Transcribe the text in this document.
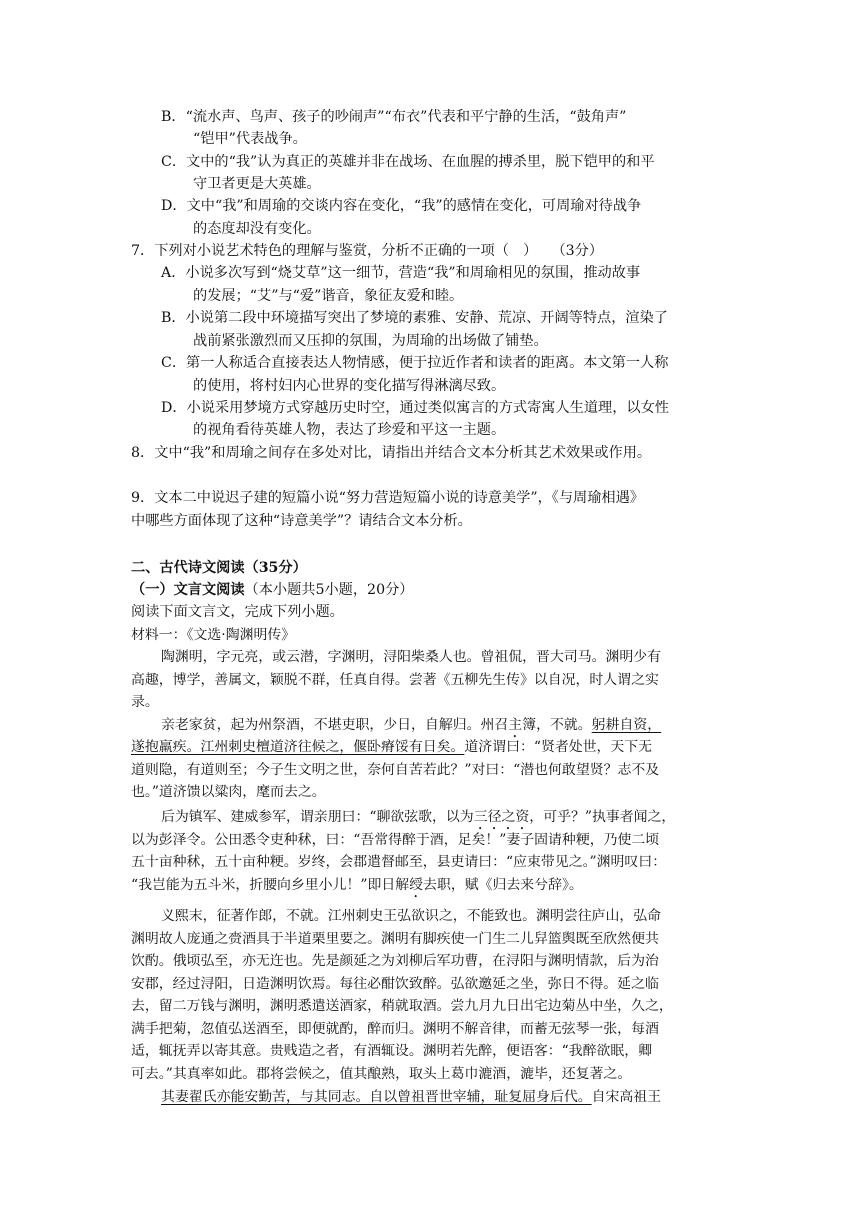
B．“流水声、鸟声、孩子的吵闹声”“布衣”代表和平宁静的生活，“鼓角声”
“铠甲”代表战争。
C．文中的“我”认为真正的英雄并非在战场、在血腥的搏杀里，脱下铠甲的和平
守卫者更是大英雄。
D．文中“我”和周瑜的交谈内容在变化，“我”的感情在变化，可周瑜对待战争
的态度却没有变化。
7．下列对小说艺术特色的理解与鉴赏，分析不正确的一项（　）　　（3分）
A．小说多次写到“烧艾草”这一细节，营造“我”和周瑜相见的氛围，推动故事
的发展；“艾”与“爱”谐音，象征友爱和睦。
B．小说第二段中环境描写突出了梦境的素雅、安静、荒凉、开阔等特点，渲染了
战前紧张激烈而又压抑的氛围，为周瑜的出场做了铺垫。
C．第一人称适合直接表达人物情感，便于拉近作者和读者的距离。本文第一人称
的使用，将村妇内心世界的变化描写得淋漓尽致。
D．小说采用梦境方式穿越历史时空，通过类似寓言的方式寄寓人生道理，以女性
的视角看待英雄人物，表达了珍爱和平这一主题。
8．文中“我”和周瑜之间存在多处对比，请指出并结合文本分析其艺术效果或作用。
9．文本二中说迟子建的短篇小说“努力营造短篇小说的诗意美学”，《与周瑜相遇》
中哪些方面体现了这种“诗意美学”？请结合文本分析。
二、古代诗文阅读（35分）
（一）文言文阅读（本小题共5小题，20分）
阅读下面文言文，完成下列小题。
材料一：《文选·陶渊明传》
陶渊明，字元亮，或云潜，字渊明，浔阳柴桑人也。曾祖侃，晋大司马。渊明少有
高趣，博学，善属文，颖脱不群，任真自得。尝著《五柳先生传》以自况，时人谓之实
录。
亲老家贫，起为州祭酒，不堪吏职，少日，自解归。州召主簿，不就。躬耕自资，
遂抱羸疾。江州刺史檀道济往候之，偃卧瘠馁有日矣。道济谓曰：“贤者处世，天下无
道则隐，有道则至；今子生文明之世，奈何自苦若此？”对曰：“潜也何敢望贤？志不及
也。”道济馈以粱肉，麾而去之。
后为镇军、建威参军，谓亲朋曰：“聊欲弦歌，以为三径之资，可乎？”执事者闻之，
以为彭泽令。公田悉令吏种秫，曰：“吾常得醉于酒，足矣！”妻子固请种粳，乃使二顷
五十亩种秫，五十亩种粳。岁终，会郡遣督邮至，县吏请曰：“应束带见之。”渊明叹曰：
“我岂能为五斗米，折腰向乡里小儿！”即日解绶去职，赋《归去来兮辞》。
义熙末，征著作郎，不就。江州刺史王弘欲识之，不能致也。渊明尝往庐山，弘命
渊明故人庞通之赍酒具于半道栗里要之。渊明有脚疾使一门生二儿舁篮舆既至欣然便共
饮酌。俄顷弘至，亦无迕也。先是颜延之为刘柳后军功曹，在浔阳与渊明情款，后为治
安郡，经过浔阳，日造渊明饮焉。每往必酣饮致醉。弘欲邀延之坐，弥日不得。延之临
去，留二万钱与渊明，渊明悉遣送酒家，稍就取酒。尝九月九日出宅边菊丛中坐，久之，
满手把菊，忽值弘送酒至，即便就酌，醉而归。渊明不解音律，而蓄无弦琴一张，每酒
适，辄抚弄以寄其意。贵贱造之者，有酒辄设。渊明若先醉，便语客：“我醉欲眠，卿
可去。”其真率如此。郡将尝候之，值其酿熟，取头上葛巾漉酒，漉毕，还复著之。
其妻翟氏亦能安勤苦，与其同志。自以曾祖晋世宰辅，耻复屈身后代。自宋高祖王
